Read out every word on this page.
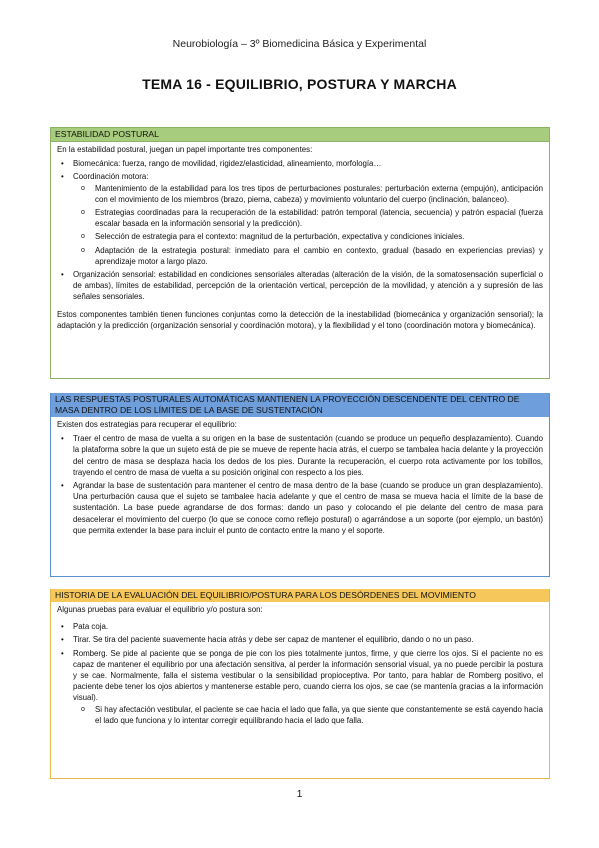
Neurobiología – 3º Biomedicina Básica y Experimental
TEMA 16 - EQUILIBRIO, POSTURA Y MARCHA
ESTABILIDAD POSTURAL

En la estabilidad postural, juegan un papel importante tres componentes:

• Biomecánica: fuerza, rango de movilidad, rigidez/elasticidad, alineamiento, morfología…
• Coordinación motora:
o Mantenimiento de la estabilidad para los tres tipos de perturbaciones posturales: perturbación externa (empujón), anticipación con el movimiento de los miembros (brazo, pierna, cabeza) y movimiento voluntario del cuerpo (inclinación, balanceo).
o Estrategias coordinadas para la recuperación de la estabilidad: patrón temporal (latencia, secuencia) y patrón espacial (fuerza escalar basada en la información sensorial y la predicción).
o Selección de estrategia para el contexto: magnitud de la perturbación, expectativa y condiciones iniciales.
o Adaptación de la estrategia postural: inmediato para el cambio en contexto, gradual (basado en experiencias previas) y aprendizaje motor a largo plazo.
• Organización sensorial: estabilidad en condiciones sensoriales alteradas (alteración de la visión, de la somatosensación superficial o de ambas), límites de estabilidad, percepción de la orientación vertical, percepción de la movilidad, y atención a y supresión de las señales sensoriales.

Estos componentes también tienen funciones conjuntas como la detección de la inestabilidad (biomecánica y organización sensorial); la adaptación y la predicción (organización sensorial y coordinación motora), y la flexibilidad y el tono (coordinación motora y biomecánica).

LAS RESPUESTAS POSTURALES AUTOMÁTICAS MANTIENEN LA PROYECCIÓN DESCENDENTE DEL CENTRO DE MASA DENTRO DE LOS LÍMITES DE LA BASE DE SUSTENTACIÓN

Existen dos estrategias para recuperar el equilibrio:

• Traer el centro de masa de vuelta a su origen en la base de sustentación (cuando se produce un pequeño desplazamiento). Cuando la plataforma sobre la que un sujeto está de pie se mueve de repente hacia atrás, el cuerpo se tambalea hacia delante y la proyección del centro de masa se desplaza hacia los dedos de los pies. Durante la recuperación, el cuerpo rota activamente por los tobillos, trayendo el centro de masa de vuelta a su posición original con respecto a los pies.
• Agrandar la base de sustentación para mantener el centro de masa dentro de la base (cuando se produce un gran desplazamiento). Una perturbación causa que el sujeto se tambalee hacia adelante y que el centro de masa se mueva hacia el límite de la base de sustentación. La base puede agrandarse de dos formas: dando un paso y colocando el pie delante del centro de masa para desacelerar el movimiento del cuerpo (lo que se conoce como reflejo postural) o agarrándose a un soporte (por ejemplo, un bastón) que permita extender la base para incluir el punto de contacto entre la mano y el soporte.
HISTORIA DE LA EVALUACIÓN DEL EQUILIBRIO/POSTURA PARA LOS DESÓRDENES DEL MOVIMIENTO

Algunas pruebas para evaluar el equilibrio y/o postura son:

• Pata coja.
• Tirar. Se tira del paciente suavemente hacia atrás y debe ser capaz de mantener el equilibrio, dando o no un paso.
• Romberg. Se pide al paciente que se ponga de pie con los pies totalmente juntos, firme, y que cierre los ojos. Si el paciente no es capaz de mantener el equilibrio por una afectación sensitiva, al perder la información sensorial visual, ya no puede percibir la postura y se cae. Normalmente, falla el sistema vestibular o la sensibilidad propioceptiva. Por tanto, para hablar de Romberg positivo, el paciente debe tener los ojos abiertos y mantenerse estable pero, cuando cierra los ojos, se cae (se mantenía gracias a la información visual).
o Si hay afectación vestibular, el paciente se cae hacia el lado que falla, ya que siente que constantemente se está cayendo hacia el lado que funciona y lo intentar corregir equilibrando hacia el lado que falla.
1
